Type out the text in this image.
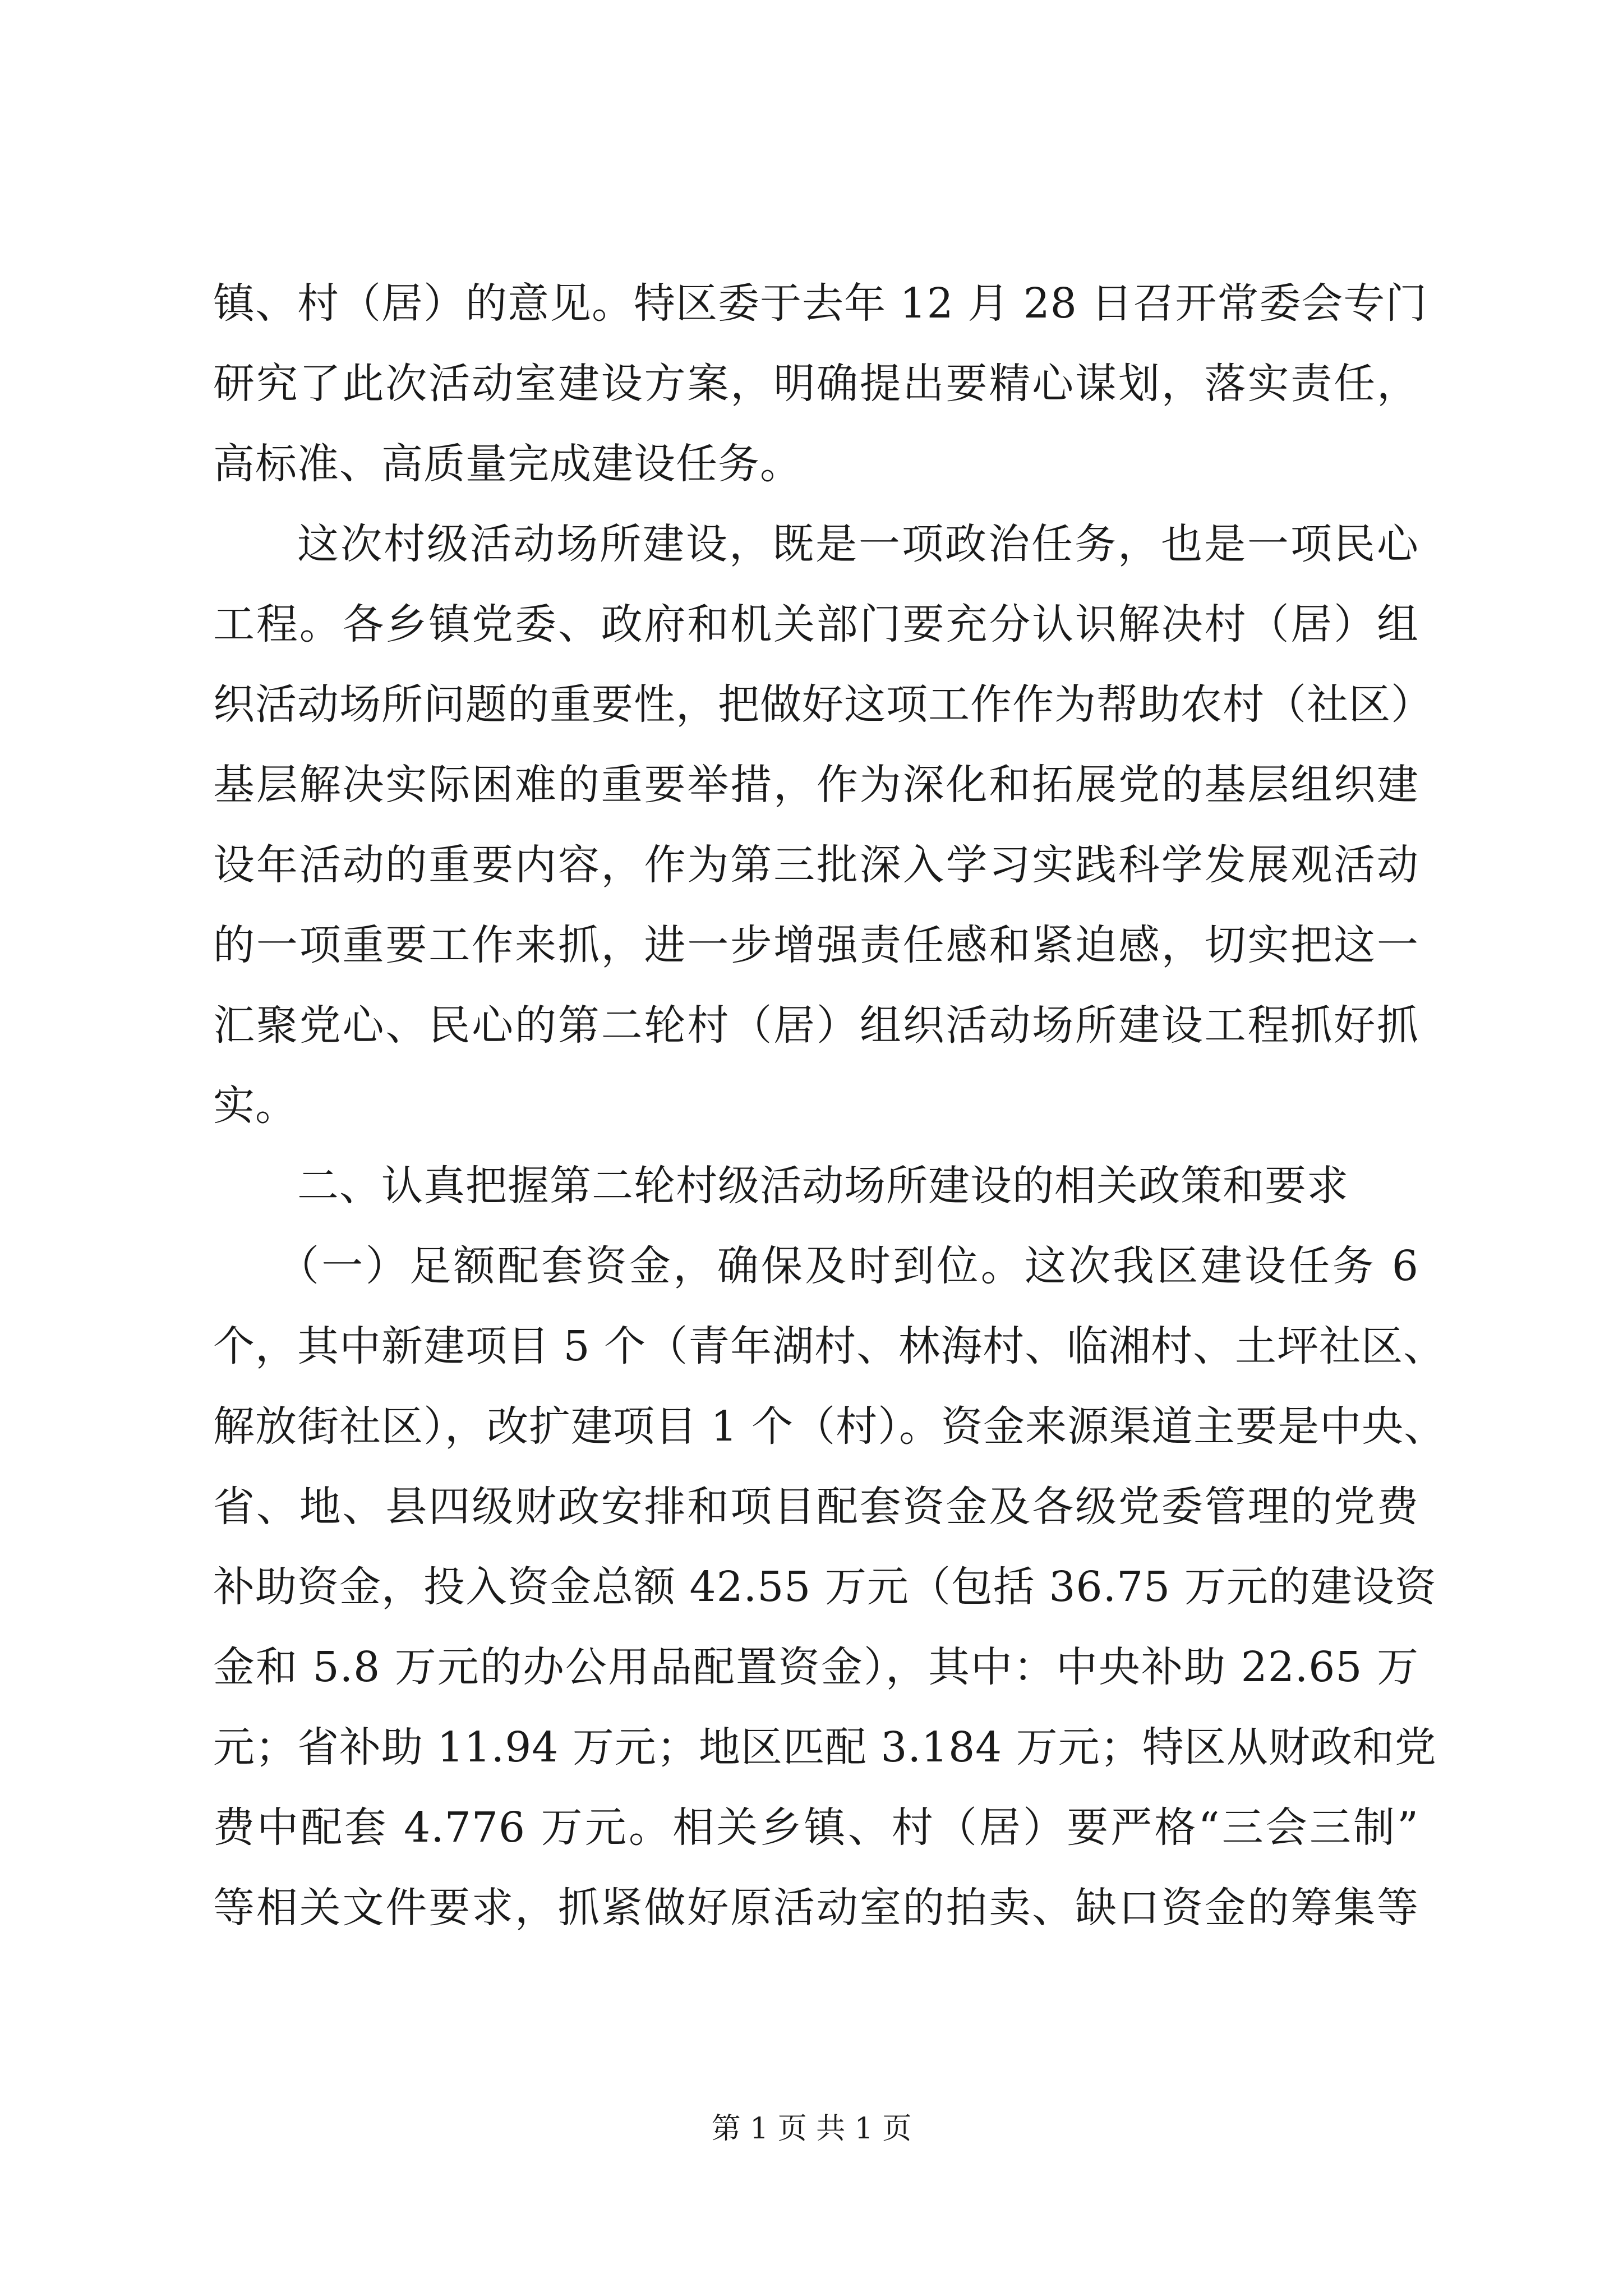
镇、村（居）的意见。特区委于去年 12 月 28 日召开常委会专门
研究了此次活动室建设方案，明确提出要精心谋划，落实责任，
高标准、高质量完成建设任务。
这次村级活动场所建设，既是一项政治任务，也是一项民心
工程。各乡镇党委、政府和机关部门要充分认识解决村（居）组
织活动场所问题的重要性，把做好这项工作作为帮助农村（社区）
基层解决实际困难的重要举措，作为深化和拓展党的基层组织建
设年活动的重要内容，作为第三批深入学习实践科学发展观活动
的一项重要工作来抓，进一步增强责任感和紧迫感，切实把这一
汇聚党心、民心的第二轮村（居）组织活动场所建设工程抓好抓
实。
二、认真把握第二轮村级活动场所建设的相关政策和要求
（一）足额配套资金，确保及时到位。这次我区建设任务 6
个，其中新建项目 5 个（青年湖村、林海村、临湘村、土坪社区、
解放街社区），改扩建项目 1 个（村）。资金来源渠道主要是中央、
省、地、县四级财政安排和项目配套资金及各级党委管理的党费
补助资金，投入资金总额 42.55 万元（包括 36.75 万元的建设资
金和 5.8 万元的办公用品配置资金），其中：中央补助 22.65 万
元；省补助 11.94 万元；地区匹配 3.184 万元；特区从财政和党
费中配套 4.776 万元。相关乡镇、村（居）要严格“三会三制”
等相关文件要求，抓紧做好原活动室的拍卖、缺口资金的筹集等
第 1 页 共 1 页
